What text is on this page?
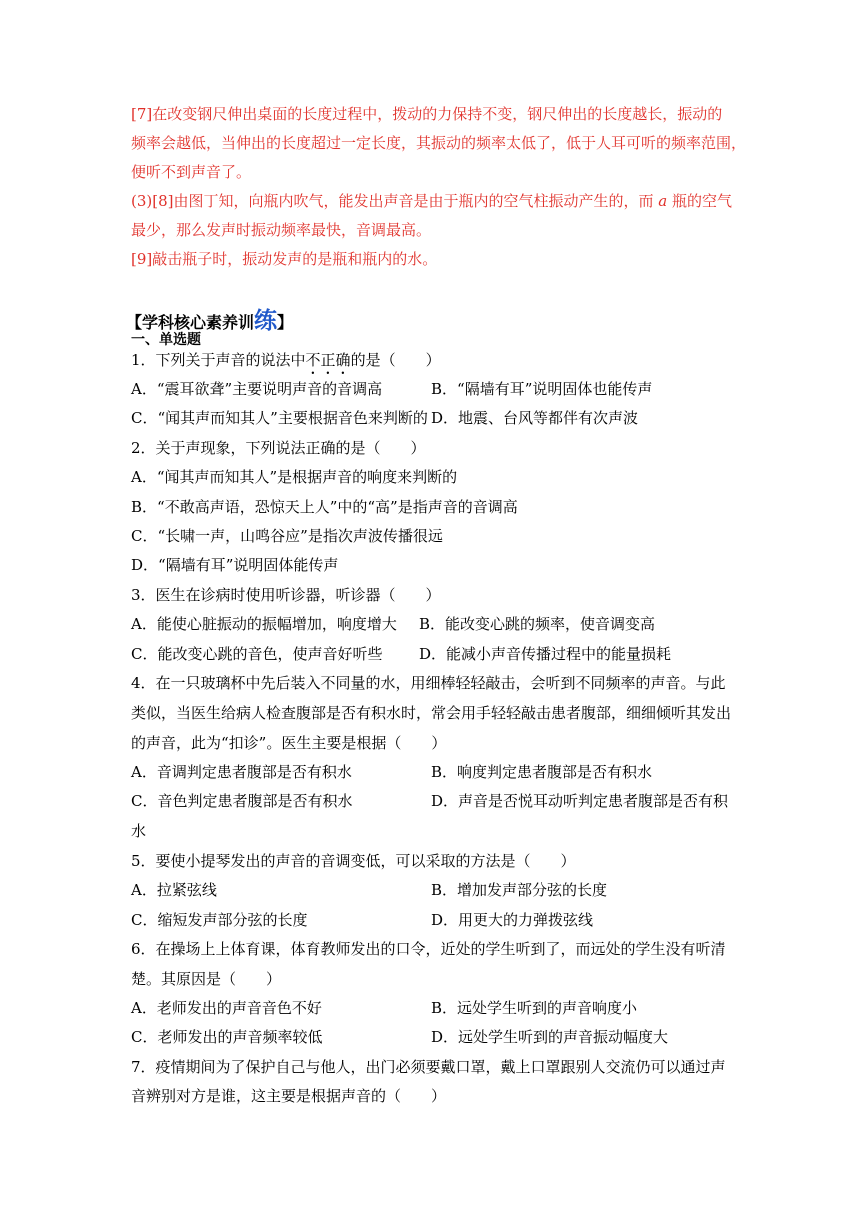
[7]在改变钢尺伸出桌面的长度过程中，拨动的力保持不变，钢尺伸出的长度越长，振动的
频率会越低，当伸出的长度超过一定长度，其振动的频率太低了，低于人耳可听的频率范围，
便听不到声音了。
(3)[8]由图丁知，向瓶内吹气，能发出声音是由于瓶内的空气柱振动产生的，而 a 瓶的空气
最少，那么发声时振动频率最快，音调最高。
[9]敲击瓶子时，振动发声的是瓶和瓶内的水。
【学科核心素养训练】
一、单选题
1．下列关于声音的说法中不正确的是（　　）
A．“震耳欲聋”主要说明声音的音调高	B．“隔墙有耳”说明固体也能传声
C．“闻其声而知其人”主要根据音色来判断的 D．地震、台风等都伴有次声波
2．关于声现象，下列说法正确的是（　　）
A．“闻其声而知其人”是根据声音的响度来判断的
B．“不敢高声语，恐惊天上人”中的“高”是指声音的音调高
C．“长啸一声，山鸣谷应”是指次声波传播很远
D．“隔墙有耳”说明固体能传声
3．医生在诊病时使用听诊器，听诊器（　　）
A．能使心脏振动的振幅增加，响度增大 B．能改变心跳的频率，使音调变高
C．能改变心跳的音色，使声音好听些 D．能减小声音传播过程中的能量损耗
4．在一只玻璃杯中先后装入不同量的水，用细棒轻轻敲击，会听到不同频率的声音。与此
类似，当医生给病人检查腹部是否有积水时，常会用手轻轻敲击患者腹部，细细倾听其发出
的声音，此为“扣诊”。医生主要是根据（　　）
A．音调判定患者腹部是否有积水	B．响度判定患者腹部是否有积水
C．音色判定患者腹部是否有积水	D．声音是否悦耳动听判定患者腹部是否有积
水
5．要使小提琴发出的声音的音调变低，可以采取的方法是（　　）
A．拉紧弦线	B．增加发声部分弦的长度
C．缩短发声部分弦的长度	D．用更大的力弹拨弦线
6．在操场上上体育课，体育教师发出的口令，近处的学生听到了，而远处的学生没有听清
楚。其原因是（　　）
A．老师发出的声音音色不好	B．远处学生听到的声音响度小
C．老师发出的声音频率较低	D．远处学生听到的声音振动幅度大
7．疫情期间为了保护自己与他人，出门必须要戴口罩，戴上口罩跟别人交流仍可以通过声
音辨别对方是谁，这主要是根据声音的（　　）
